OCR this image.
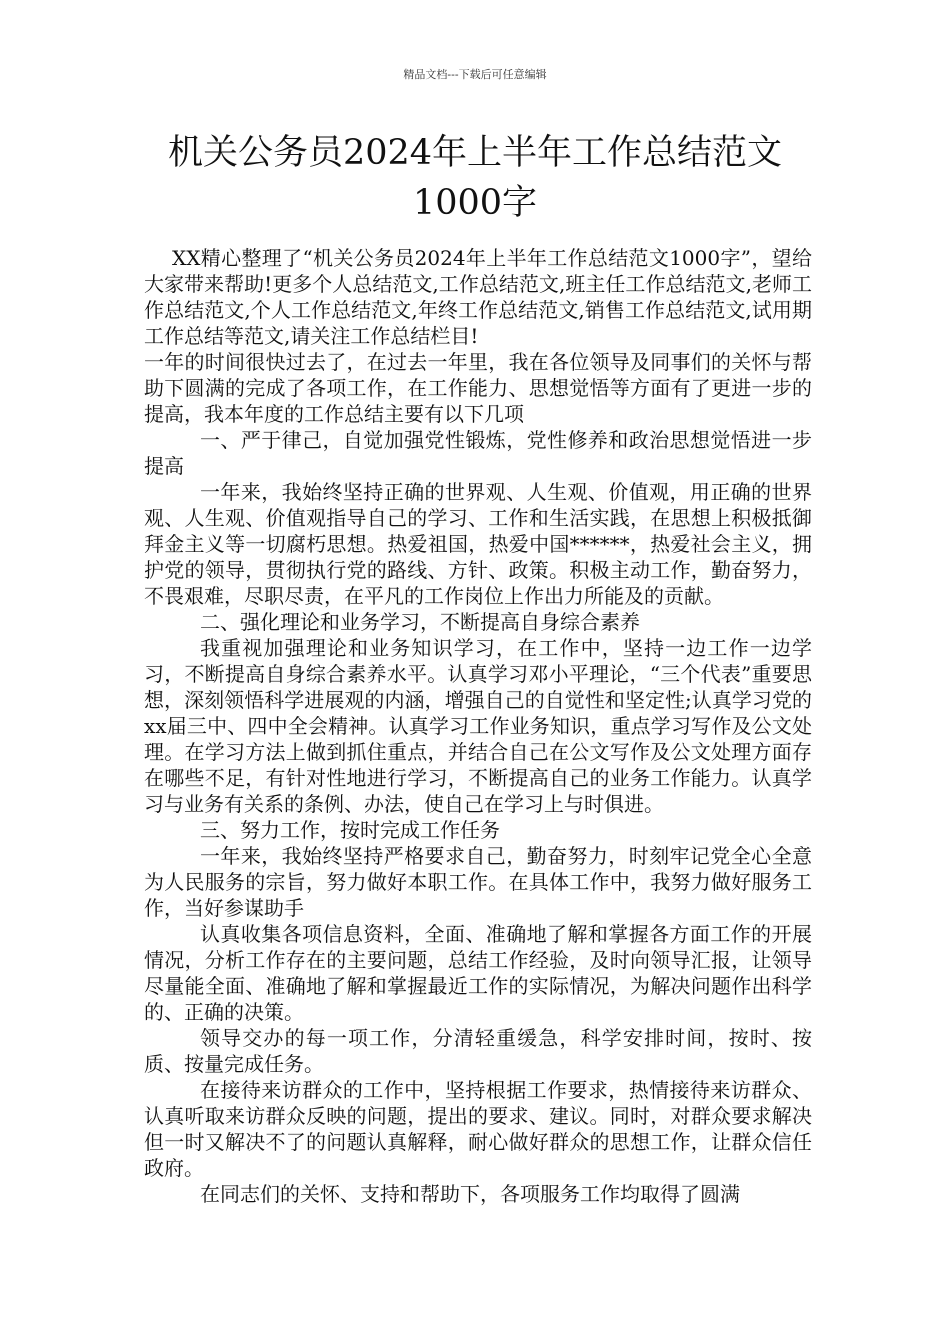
精品文档---下载后可任意编辑
机关公务员2024年上半年工作总结范文
1000字

XX精心整理了“机关公务员2024年上半年工作总结范文1000字”，望给大家带来帮助!更多个人总结范文,工作总结范文,班主任工作总结范文,老师工作总结范文,个人工作总结范文,年终工作总结范文,销售工作总结范文,试用期工作总结等范文,请关注工作总结栏目!

一年的时间很快过去了，在过去一年里，我在各位领导及同事们的关怀与帮助下圆满的完成了各项工作，在工作能力、思想觉悟等方面有了更进一步的提高，我本年度的工作总结主要有以下几项

一、严于律己，自觉加强党性锻炼，党性修养和政治思想觉悟进一步提高

一年来，我始终坚持正确的世界观、人生观、价值观，用正确的世界观、人生观、价值观指导自己的学习、工作和生活实践，在思想上积极抵御拜金主义等一切腐朽思想。热爱祖国，热爱中国******，热爱社会主义，拥护党的领导，贯彻执行党的路线、方针、政策。积极主动工作，勤奋努力，不畏艰难，尽职尽责，在平凡的工作岗位上作出力所能及的贡献。

二、强化理论和业务学习，不断提高自身综合素养

我重视加强理论和业务知识学习，在工作中，坚持一边工作一边学习，不断提高自身综合素养水平。认真学习邓小平理论，“三个代表”重要思想，深刻领悟科学进展观的内涵，增强自己的自觉性和坚定性;认真学习党的xx届三中、四中全会精神。认真学习工作业务知识，重点学习写作及公文处理。在学习方法上做到抓住重点，并结合自己在公文写作及公文处理方面存在哪些不足，有针对性地进行学习，不断提高自己的业务工作能力。认真学习与业务有关系的条例、办法，使自己在学习上与时俱进。

三、努力工作，按时完成工作任务

一年来，我始终坚持严格要求自己，勤奋努力，时刻牢记党全心全意为人民服务的宗旨，努力做好本职工作。在具体工作中，我努力做好服务工作，当好参谋助手

认真收集各项信息资料，全面、准确地了解和掌握各方面工作的开展情况，分析工作存在的主要问题，总结工作经验，及时向领导汇报，让领导尽量能全面、准确地了解和掌握最近工作的实际情况，为解决问题作出科学的、正确的决策。

领导交办的每一项工作，分清轻重缓急，科学安排时间，按时、按质、按量完成任务。

在接待来访群众的工作中，坚持根据工作要求，热情接待来访群众、认真听取来访群众反映的问题，提出的要求、建议。同时，对群众要求解决但一时又解决不了的问题认真解释，耐心做好群众的思想工作，让群众信任政府。

在同志们的关怀、支持和帮助下，各项服务工作均取得了圆满
